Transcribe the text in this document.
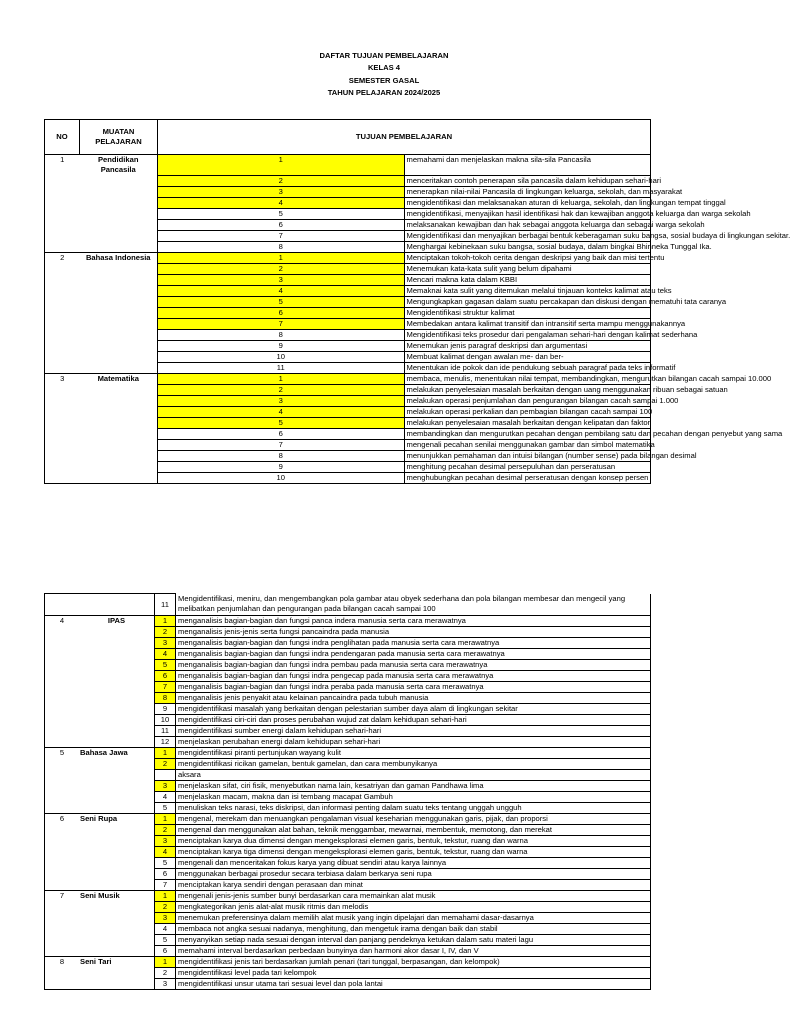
DAFTAR TUJUAN PEMBELAJARAN
KELAS 4
SEMESTER GASAL
TAHUN PELAJARAN 2024/2025
NO	MUATAN PELAJARAN	TUJUAN PEMBELAJARAN	
1	Pendidikan Pancasila	1	memahami dan menjelaskan makna sila-sila Pancasila
		2	menceritakan contoh penerapan sila pancasila dalam kehidupan sehari-hari
		3	menerapkan nilai-nilai Pancasila di lingkungan keluarga, sekolah, dan masyarakat
		4	mengidentifikasi dan melaksanakan aturan di keluarga, sekolah, dan lingkungan tempat tinggal
		5	mengidentifikasi, menyajikan hasil identifikasi hak dan kewajiban anggota keluarga dan warga sekolah
		6	melaksanakan kewajiban dan hak sebagai anggota keluarga dan sebagai warga sekolah
		7	Mengidentifikasi dan menyajikan berbagai bentuk keberagaman suku bangsa, sosial budaya di lingkungan sekitar.
		8	Menghargai kebinekaan suku bangsa, sosial budaya, dalam bingkai Bhinneka Tunggal Ika.
2	Bahasa Indonesia	1	Menciptakan tokoh-tokoh cerita dengan deskripsi yang baik dan misi tertentu
		2	Menemukan kata-kata sulit yang belum dipahami
		3	Mencari makna kata dalam KBBI
		4	Memaknai kata sulit yang ditemukan melalui tinjauan konteks kalimat atau teks
		5	Mengungkapkan gagasan dalam suatu percakapan dan diskusi dengan mematuhi tata caranya
		6	Mengidentifikasi struktur kalimat
		7	Membedakan antara kalimat transitif dan intransitif serta mampu menggunakannya
		8	Mengidentifikasi teks prosedur dari pengalaman sehari-hari dengan kalimat sederhana
		9	Menemukan jenis paragraf deskripsi dan argumentasi
		10	Membuat kalimat dengan awalan me- dan ber-
		11	Menentukan ide pokok dan ide pendukung sebuah paragraf pada teks informatif
3	Matematika	1	membaca, menulis, menentukan nilai tempat, membandingkan, mengurutkan bilangan cacah sampai 10.000
		2	melakukan penyelesaian masalah berkaitan dengan uang menggunakan ribuan sebagai satuan
		3	melakukan operasi penjumlahan dan pengurangan bilangan cacah sampai 1.000
		4	melakukan operasi perkalian dan pembagian bilangan cacah sampai 100
		5	melakukan penyelesaian masalah berkaitan dengan kelipatan dan faktor
		6	membandingkan dan mengurutkan pecahan dengan pembilang satu dan pecahan dengan penyebut yang sama
		7	mengenali pecahan senilai menggunakan gambar dan simbol matematika
		8	menunjukkan pemahaman dan intuisi bilangan (number sense) pada bilangan desimal
		9	menghitung pecahan desimal persepuluhan dan perseratusan
		10	menghubungkan pecahan desimal perseratusan dengan konsep persen
		11	Mengidentifikasi, meniru, dan mengembangkan pola gambar atau obyek sederhana dan pola bilangan membesar dan mengecil yang melibatkan penjumlahan dan pengurangan pada bilangan cacah sampai 100
4	IPAS	1	menganalisis bagian-bagian dan fungsi panca indera manusia serta cara merawatnya
		2	menganalisis jenis-jenis serta fungsi pancaindra pada manusia
		3	menganalisis bagian-bagian dan fungsi indra penglihatan pada manusia serta cara merawatnya
		4	menganalisis bagian-bagian dan fungsi indra pendengaran pada manusia serta cara merawatnya
		5	menganalisis bagian-bagian dan fungsi indra pembau pada manusia serta cara merawatnya
		6	menganalisis bagian-bagian dan fungsi indra pengecap pada manusia serta cara merawatnya
		7	menganalisis bagian-bagian dan fungsi indra peraba pada manusia serta cara merawatnya
		8	menganalisis jenis penyakit atau kelainan pancaindra pada tubuh manusia
		9	mengidentifikasi masalah yang berkaitan dengan pelestarian sumber daya alam di lingkungan sekitar
		10	mengidentifikasi ciri-ciri dan proses perubahan wujud zat dalam kehidupan sehari-hari
		11	mengidentifikasi sumber energi dalam kehidupan sehari-hari
		12	menjelaskan perubahan energi dalam kehidupan sehari-hari
5	Bahasa Jawa	1	mengidentifikasi piranti pertunjukan wayang kulit
		2	mengidentifikasi ricikan gamelan, bentuk gamelan, dan cara membunyikanya
			aksara
		3	menjelaskan sifat, ciri fisik, menyebutkan nama lain, kesatriyan dan gaman Pandhawa lima
		4	menjelaskan macam, makna dan isi tembang macapat Gambuh
		5	menuliskan teks narasi, teks diskripsi, dan informasi penting dalam suatu teks tentang unggah ungguh
6	Seni Rupa	1	mengenal, merekam dan menuangkan pengalaman visual keseharian menggunakan garis, pijak, dan proporsi
		2	mengenal dan menggunakan alat bahan, teknik menggambar, mewarnai, membentuk, memotong, dan merekat
		3	menciptakan karya dua dimensi dengan mengeksplorasi elemen garis, bentuk, tekstur, ruang dan warna
		4	menciptakan karya tiga dimensi dengan mengeksplorasi elemen garis, bentuk, tekstur, ruang dan warna
		5	mengenali dan menceritakan fokus karya yang dibuat sendiri atau karya lainnya
		6	menggunakan berbagai prosedur secara terbiasa dalam berkarya seni rupa
		7	menciptakan karya sendiri dengan perasaan dan minat
7	Seni Musik	1	mengenali jenis-jenis sumber bunyi berdasarkan cara memainkan alat musik
		2	mengkategorikan jenis alat-alat musik ritmis dan melodis
		3	menemukan preferensinya dalam memilih alat musik yang ingin dipelajari dan memahami dasar-dasarnya
		4	membaca not angka sesuai nadanya, menghitung, dan mengetuk irama dengan baik dan stabil
		5	menyanyikan setiap nada sesuai dengan interval dan panjang pendeknya ketukan dalam satu materi lagu
		6	memahami interval berdasarkan perbedaan bunyinya dan harmoni akor dasar I, IV, dan V
8	Seni Tari	1	mengidentifikasi jenis tari berdasarkan jumlah penari (tari tunggal, berpasangan, dan kelompok)
		2	mengidentifikasi level pada tari kelompok
		3	mengidentifikasi unsur utama tari sesuai level dan pola lantai
